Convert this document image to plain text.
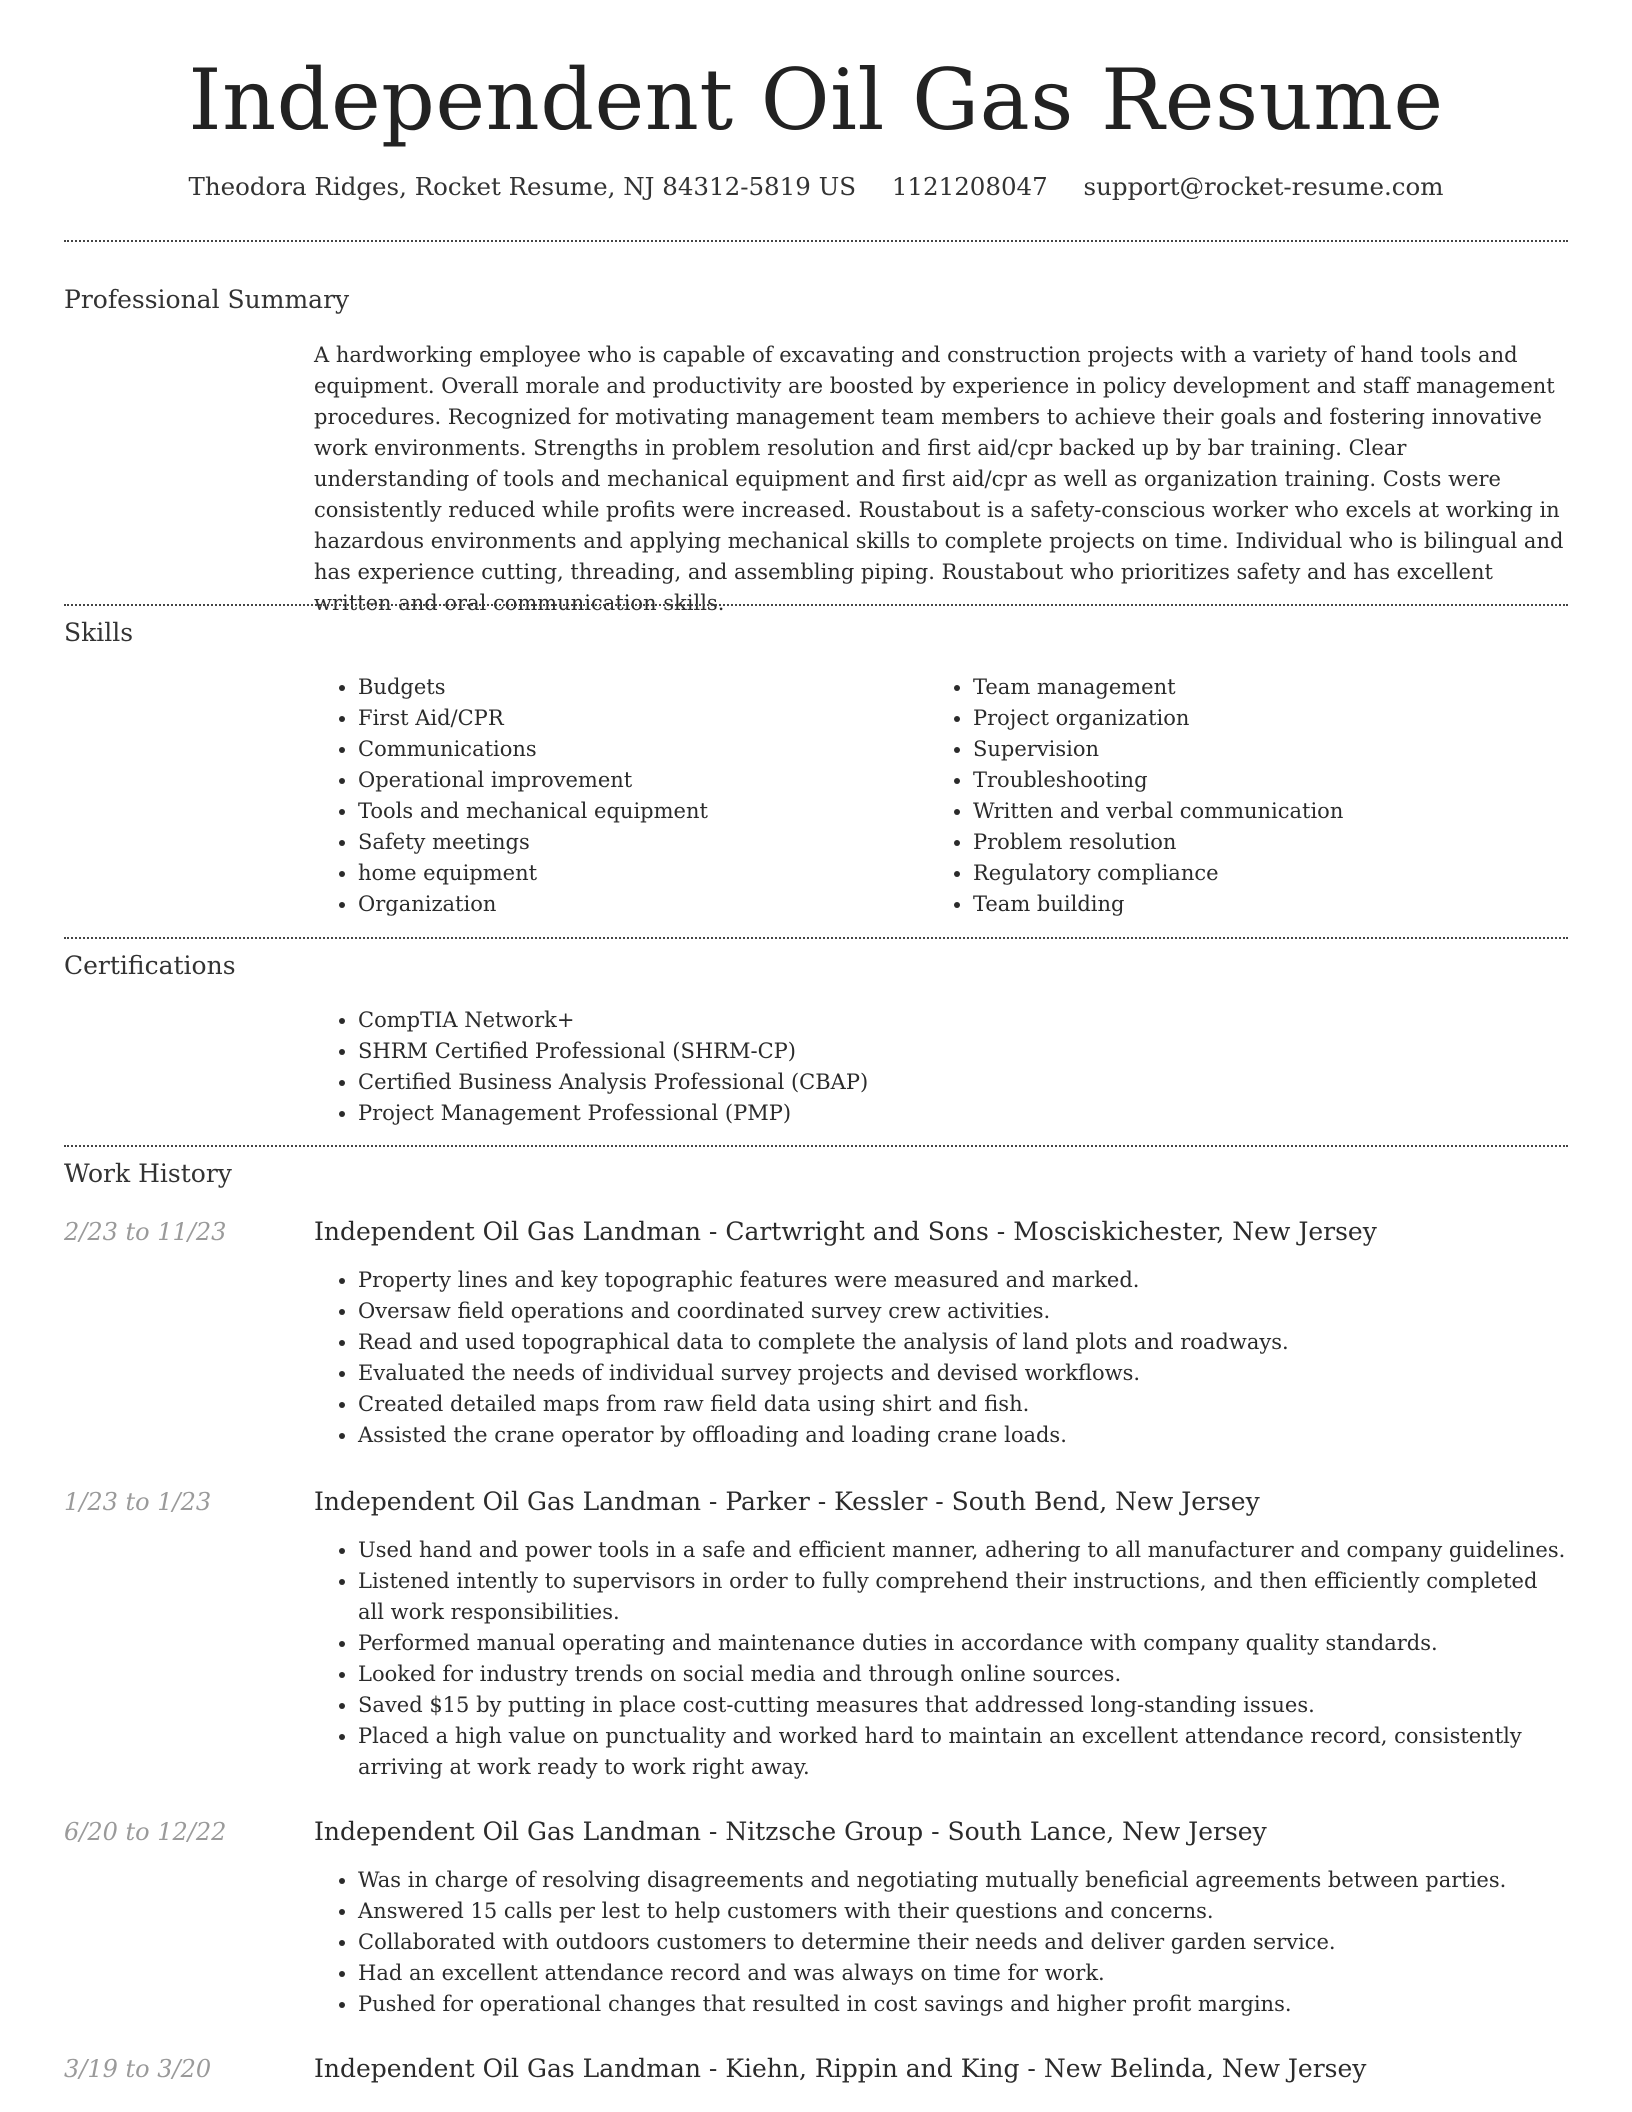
Independent Oil Gas Resume
Theodora Ridges, Rocket Resume, NJ 84312-5819 US 1121208047 support@rocket-resume.com
Professional Summary

A hardworking employee who is capable of excavating and construction projects with a variety of hand tools and equipment. Overall morale and productivity are boosted by experience in policy development and staff management procedures. Recognized for motivating management team members to achieve their goals and fostering innovative work environments. Strengths in problem resolution and first aid/cpr backed up by bar training. Clear understanding of tools and mechanical equipment and first aid/cpr as well as organization training. Costs were consistently reduced while profits were increased. Roustabout is a safety-conscious worker who excels at working in hazardous environments and applying mechanical skills to complete projects on time. Individual who is bilingual and has experience cutting, threading, and assembling piping. Roustabout who prioritizes safety and has excellent written and oral communication skills.

Skills
• Budgets
• First Aid/CPR
• Communications
• Operational improvement
• Tools and mechanical equipment
• Safety meetings
• home equipment
• Organization
• Team management
• Project organization
• Supervision
• Troubleshooting
• Written and verbal communication
• Problem resolution
• Regulatory compliance
• Team building
Certifications
• CompTIA Network+
• SHRM Certified Professional (SHRM-CP)
• Certified Business Analysis Professional (CBAP)
• Project Management Professional (PMP)
Work History
2/23 to 11/23	Independent Oil Gas Landman - Cartwright and Sons - Mosciskichester, New Jersey
• Property lines and key topographic features were measured and marked.
• Oversaw field operations and coordinated survey crew activities.
• Read and used topographical data to complete the analysis of land plots and roadways.
• Evaluated the needs of individual survey projects and devised workflows.
• Created detailed maps from raw field data using shirt and fish.
• Assisted the crane operator by offloading and loading crane loads.
1/23 to 1/23	Independent Oil Gas Landman - Parker - Kessler - South Bend, New Jersey
• Used hand and power tools in a safe and efficient manner, adhering to all manufacturer and company guidelines.
• Listened intently to supervisors in order to fully comprehend their instructions, and then efficiently completed all work responsibilities.
• Performed manual operating and maintenance duties in accordance with company quality standards.
• Looked for industry trends on social media and through online sources.
• Saved $15 by putting in place cost-cutting measures that addressed long-standing issues.
• Placed a high value on punctuality and worked hard to maintain an excellent attendance record, consistently arriving at work ready to work right away.
6/20 to 12/22	Independent Oil Gas Landman - Nitzsche Group - South Lance, New Jersey
• Was in charge of resolving disagreements and negotiating mutually beneficial agreements between parties.
• Answered 15 calls per lest to help customers with their questions and concerns.
• Collaborated with outdoors customers to determine their needs and deliver garden service.
• Had an excellent attendance record and was always on time for work.
• Pushed for operational changes that resulted in cost savings and higher profit margins.
3/19 to 3/20	Independent Oil Gas Landman - Kiehn, Rippin and King - New Belinda, New Jersey
